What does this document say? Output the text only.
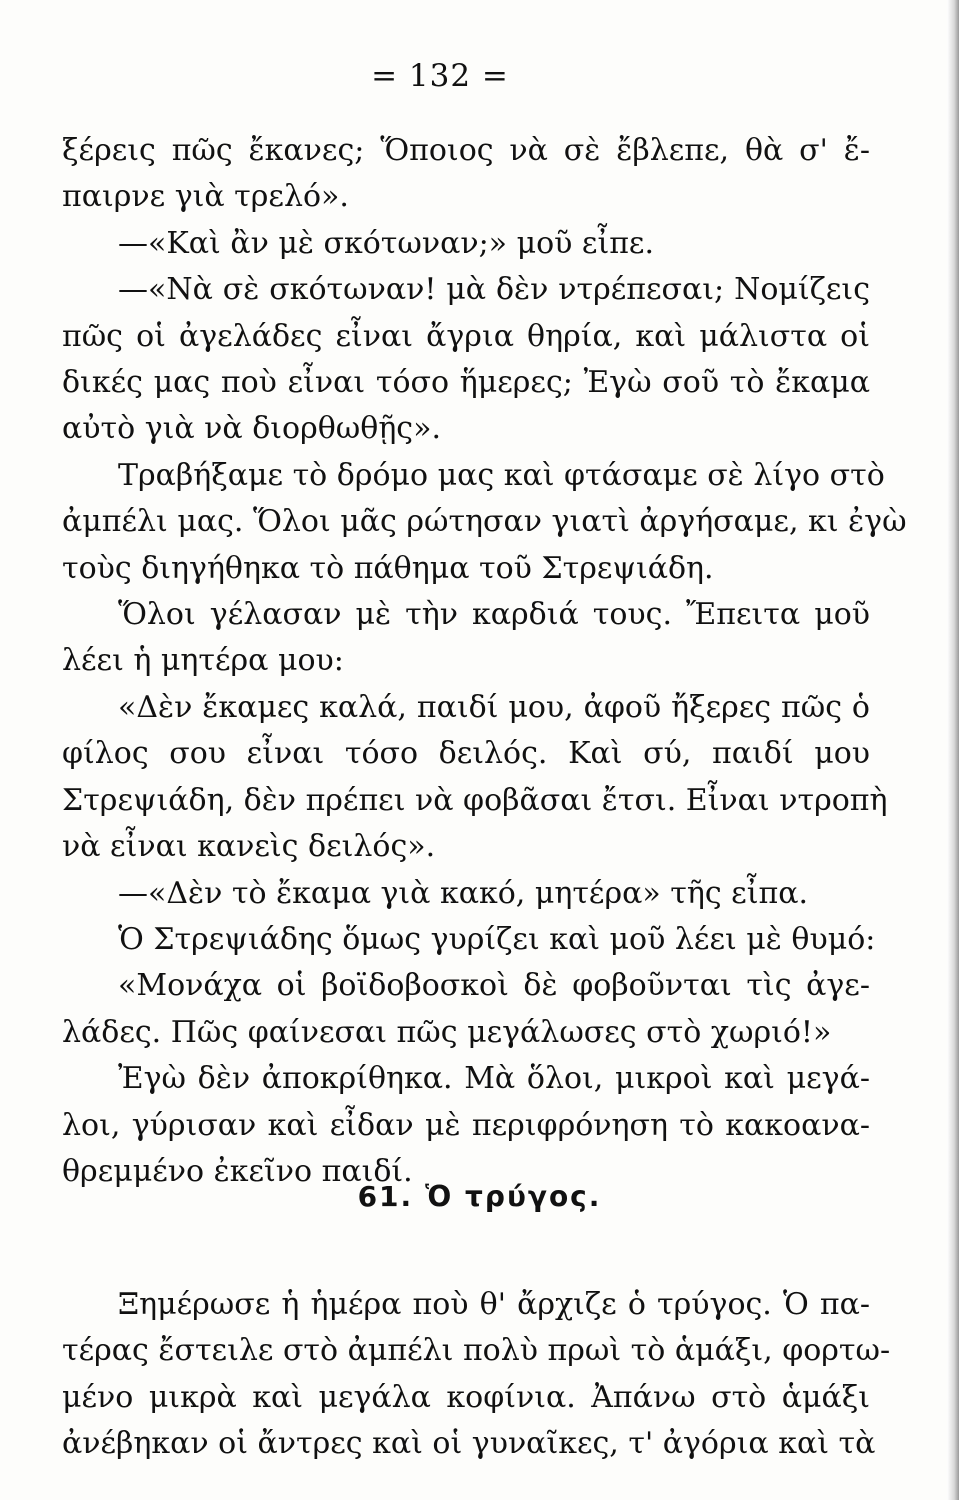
= 132 =
ξέρεις πῶς ἔκανες; Ὅποιος νὰ σὲ ἔβλεπε, θὰ σ' ἔ-
παιρνε γιὰ τρελό».
—«Καὶ ἂν μὲ σκότωναν;» μοῦ εἶπε.
—«Νὰ σὲ σκότωναν! μὰ δὲν ντρέπεσαι; Νομίζεις
πῶς οἱ ἀγελάδες εἶναι ἄγρια θηρία, καὶ μάλιστα οἱ
δικές μας ποὺ εἶναι τόσο ἥμερες; Ἐγὼ σοῦ τὸ ἔκαμα
αὐτὸ γιὰ νὰ διορθωθῇς».
Τραβήξαμε τὸ δρόμο μας καὶ φτάσαμε σὲ λίγο στὸ
ἀμπέλι μας. Ὅλοι μᾶς ρώτησαν γιατὶ ἀργήσαμε, κι ἐγὼ
τοὺς διηγήθηκα τὸ πάθημα τοῦ Στρεψιάδη.
Ὅλοι γέλασαν μὲ τὴν καρδιά τους. Ἔπειτα μοῦ
λέει ἡ μητέρα μου:
«Δὲν ἔκαμες καλά, παιδί μου, ἀφοῦ ἤξερες πῶς ὁ
φίλος σου εἶναι τόσο δειλός. Καὶ σύ, παιδί μου
Στρεψιάδη, δὲν πρέπει νὰ φοβᾶσαι ἔτσι. Εἶναι ντροπὴ
νὰ εἶναι κανεὶς δειλός».
—«Δὲν τὸ ἔκαμα γιὰ κακό, μητέρα» τῆς εἶπα.
Ὁ Στρεψιάδης ὅμως γυρίζει καὶ μοῦ λέει μὲ θυμό:
«Μονάχα οἱ βοϊδοβοσκοὶ δὲ φοβοῦνται τὶς ἀγε-
λάδες. Πῶς φαίνεσαι πῶς μεγάλωσες στὸ χωριό!»
Ἐγὼ δὲν ἀποκρίθηκα. Μὰ ὅλοι, μικροὶ καὶ μεγά-
λοι, γύρισαν καὶ εἶδαν μὲ περιφρόνηση τὸ κακοανα-
θρεμμένο ἐκεῖνο παιδί.
61. Ὁ τρύγος.
Ξημέρωσε ἡ ἡμέρα ποὺ θ' ἄρχιζε ὁ τρύγος. Ὁ πα-
τέρας ἔστειλε στὸ ἀμπέλι πολὺ πρωὶ τὸ ἁμάξι, φορτω-
μένο μικρὰ καὶ μεγάλα κοφίνια. Ἀπάνω στὸ ἁμάξι
ἀνέβηκαν οἱ ἄντρες καὶ οἱ γυναῖκες, τ' ἀγόρια καὶ τὰ
